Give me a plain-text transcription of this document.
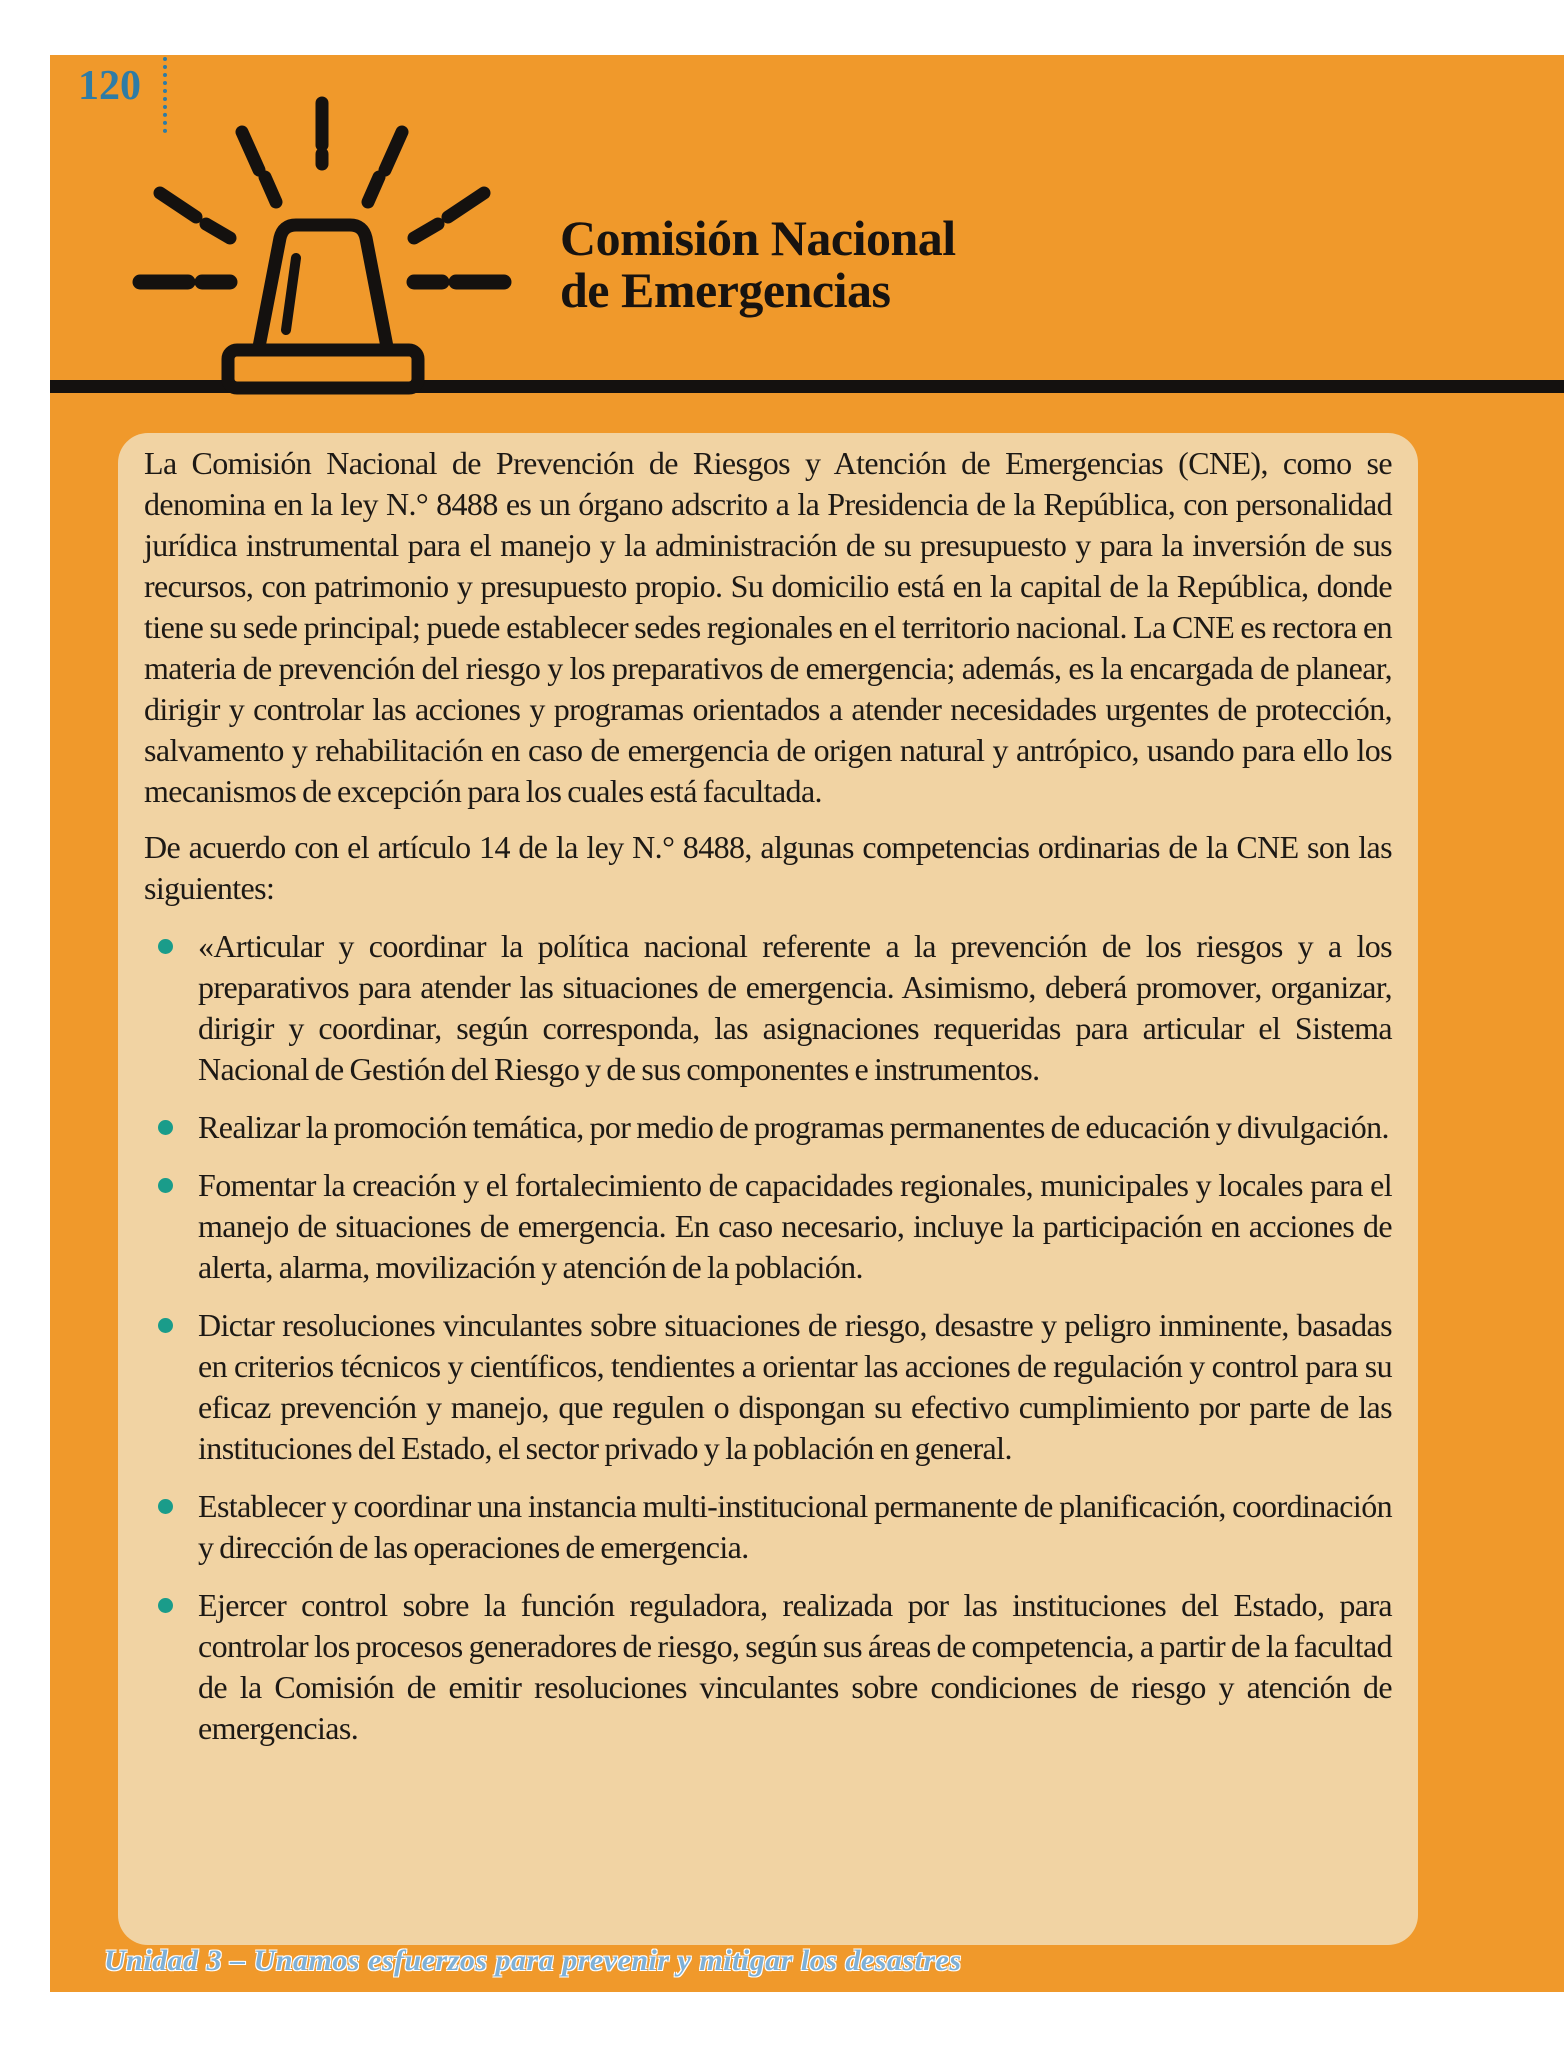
120
Comisión Nacional
de Emergencias

La Comisión Nacional de Prevención de Riesgos y Atención de Emergencias (CNE), como se denomina en la ley N.° 8488 es un órgano adscrito a la Presidencia de la República, con personalidad jurídica instrumental para el manejo y la administración de su presupuesto y para la inversión de sus recursos, con patrimonio y presupuesto propio. Su domicilio está en la capital de la República, donde tiene su sede principal; puede establecer sedes regionales en el territorio nacional. La CNE es rectora en materia de prevención del riesgo y los preparativos de emergencia; además, es la encargada de planear, dirigir y controlar las acciones y programas orientados a atender necesidades urgentes de protección, salvamento y rehabilitación en caso de emergencia de origen natural y antrópico, usando para ello los mecanismos de excepción para los cuales está facultada.

De acuerdo con el artículo 14 de la ley N.° 8488, algunas competencias ordinarias de la CNE son las siguientes:

«Articular y coordinar la política nacional referente a la prevención de los riesgos y a los preparativos para atender las situaciones de emergencia. Asimismo, deberá promover, organizar, dirigir y coordinar, según corresponda, las asignaciones requeridas para articular el Sistema Nacional de Gestión del Riesgo y de sus componentes e instrumentos.
Realizar la promoción temática, por medio de programas permanentes de educación y divulgación.
Fomentar la creación y el fortalecimiento de capacidades regionales, municipales y locales para el manejo de situaciones de emergencia. En caso necesario, incluye la participación en acciones de alerta, alarma, movilización y atención de la población.
Dictar resoluciones vinculantes sobre situaciones de riesgo, desastre y peligro inminente, basadas en criterios técnicos y científicos, tendientes a orientar las acciones de regulación y control para su eficaz prevención y manejo, que regulen o dispongan su efectivo cumplimiento por parte de las instituciones del Estado, el sector privado y la población en general.
Establecer y coordinar una instancia multi-institucional permanente de planificación, coordinación y dirección de las operaciones de emergencia.
Ejercer control sobre la función reguladora, realizada por las instituciones del Estado, para controlar los procesos generadores de riesgo, según sus áreas de competencia, a partir de la facultad de la Comisión de emitir resoluciones vinculantes sobre condiciones de riesgo y atención de emergencias.
Unidad 3 – Unamos esfuerzos para prevenir y mitigar los desastres
